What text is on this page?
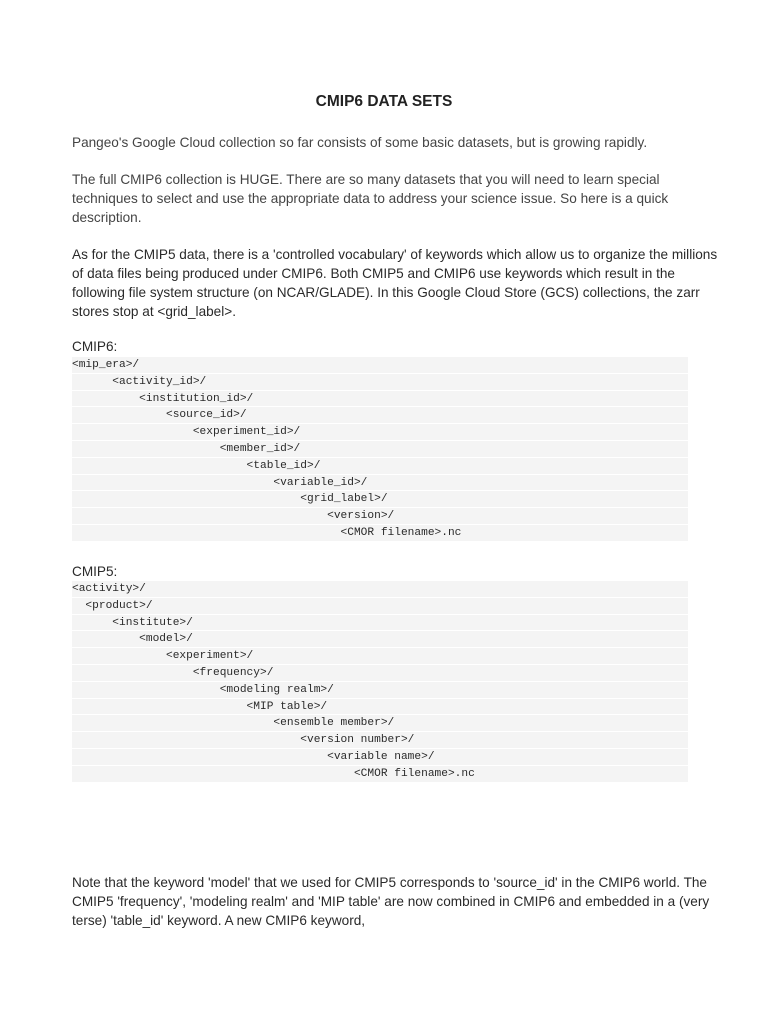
CMIP6 DATA SETS
Pangeo's Google Cloud collection so far consists of some basic datasets, but is growing rapidly.
The full CMIP6 collection is HUGE. There are so many datasets that you will need to learn special techniques to select and use the appropriate data to address your science issue. So here is a quick description.
As for the CMIP5 data, there is a 'controlled vocabulary' of keywords which allow us to organize the millions of data files being produced under CMIP6. Both CMIP5 and CMIP6 use keywords which result in the following file system structure (on NCAR/GLADE). In this Google Cloud Store (GCS) collections, the zarr stores stop at <grid_label>.
CMIP6:
<mip_era>/
<activity_id>/
<institution_id>/
<source_id>/
<experiment_id>/
<member_id>/
<table_id>/
<variable_id>/
<grid_label>/
<version>/
<CMOR filename>.nc
CMIP5:
<activity>/
<product>/
<institute>/
<model>/
<experiment>/
<frequency>/
<modeling realm>/
<MIP table>/
<ensemble member>/
<version number>/
<variable name>/
<CMOR filename>.nc
Note that the keyword 'model' that we used for CMIP5 corresponds to 'source_id' in the CMIP6 world. The CMIP5 'frequency', 'modeling realm' and 'MIP table' are now combined in CMIP6 and embedded in a (very terse) 'table_id' keyword. A new CMIP6 keyword,
